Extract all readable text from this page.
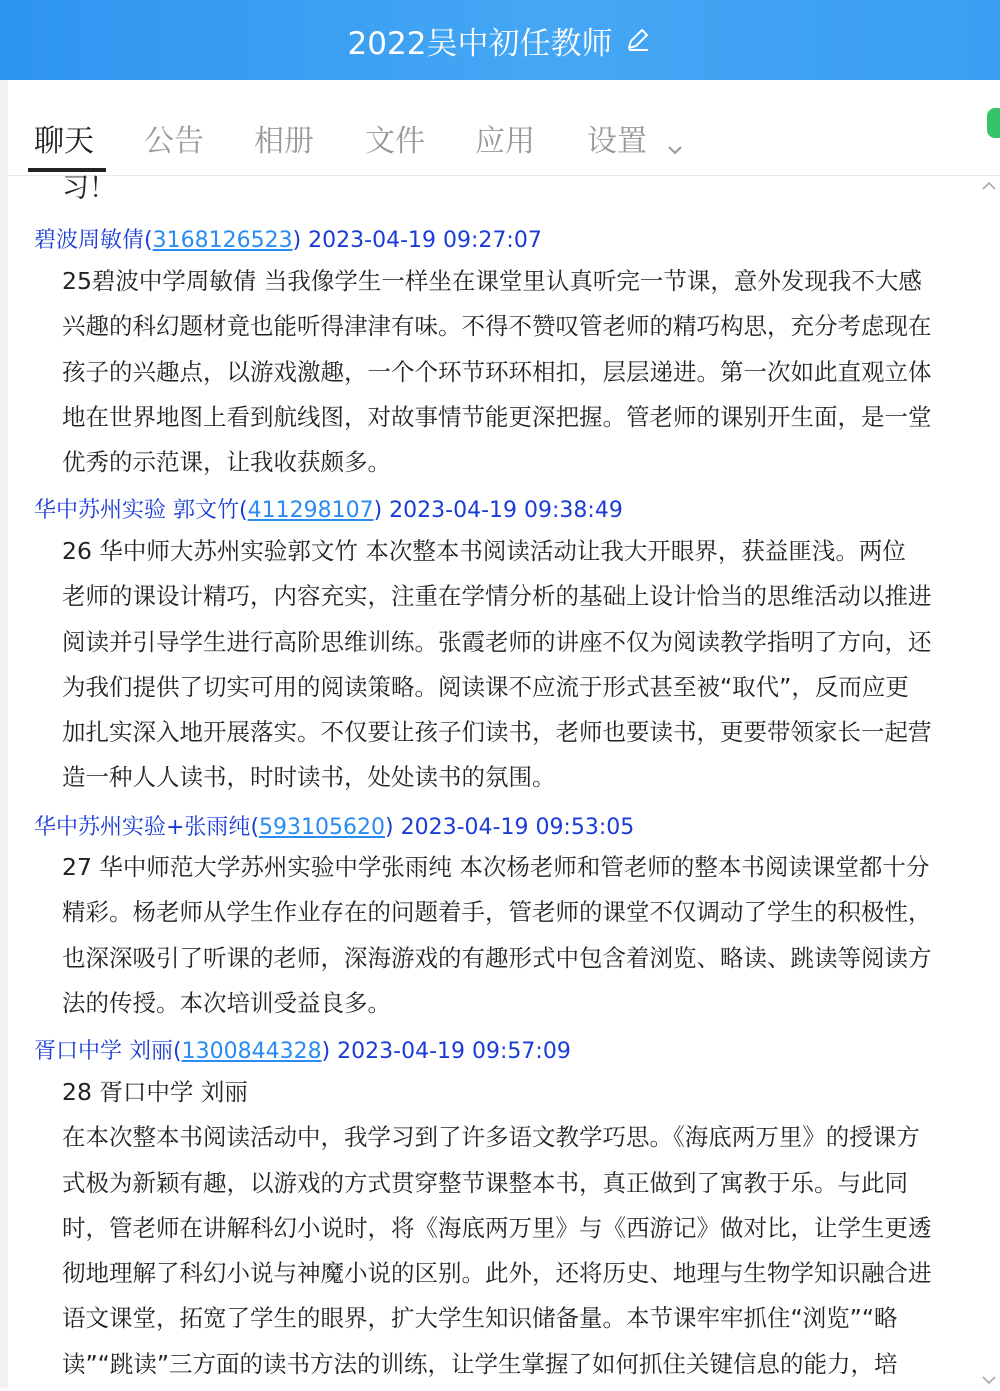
2022吴中初任教师
聊天 公告 相册 文件 应用 设置
习！
碧波周敏倩(3168126523) 2023-04-19 09:27:07
25碧波中学周敏倩 当我像学生一样坐在课堂里认真听完一节课，意外发现我不大感
兴趣的科幻题材竟也能听得津津有味。不得不赞叹管老师的精巧构思，充分考虑现在
孩子的兴趣点，以游戏激趣，一个个环节环环相扣，层层递进。第一次如此直观立体
地在世界地图上看到航线图，对故事情节能更深把握。管老师的课别开生面，是一堂
优秀的示范课，让我收获颇多。
华中苏州实验 郭文竹(411298107) 2023-04-19 09:38:49
26 华中师大苏州实验郭文竹 本次整本书阅读活动让我大开眼界，获益匪浅。两位
老师的课设计精巧，内容充实，注重在学情分析的基础上设计恰当的思维活动以推进
阅读并引导学生进行高阶思维训练。张霞老师的讲座不仅为阅读教学指明了方向，还
为我们提供了切实可用的阅读策略。阅读课不应流于形式甚至被“取代”，反而应更
加扎实深入地开展落实。不仅要让孩子们读书，老师也要读书，更要带领家长一起营
造一种人人读书，时时读书，处处读书的氛围。
华中苏州实验+张雨纯(593105620) 2023-04-19 09:53:05
27 华中师范大学苏州实验中学张雨纯 本次杨老师和管老师的整本书阅读课堂都十分
精彩。杨老师从学生作业存在的问题着手，管老师的课堂不仅调动了学生的积极性，
也深深吸引了听课的老师，深海游戏的有趣形式中包含着浏览、略读、跳读等阅读方
法的传授。本次培训受益良多。
胥口中学 刘丽(1300844328) 2023-04-19 09:57:09
28 胥口中学 刘丽
在本次整本书阅读活动中，我学习到了许多语文教学巧思。《海底两万里》的授课方
式极为新颖有趣，以游戏的方式贯穿整节课整本书，真正做到了寓教于乐。与此同
时，管老师在讲解科幻小说时，将《海底两万里》与《西游记》做对比，让学生更透
彻地理解了科幻小说与神魔小说的区别。此外，还将历史、地理与生物学知识融合进
语文课堂，拓宽了学生的眼界，扩大学生知识储备量。本节课牢牢抓住“浏览”“略
读”“跳读”三方面的读书方法的训练，让学生掌握了如何抓住关键信息的能力，培
